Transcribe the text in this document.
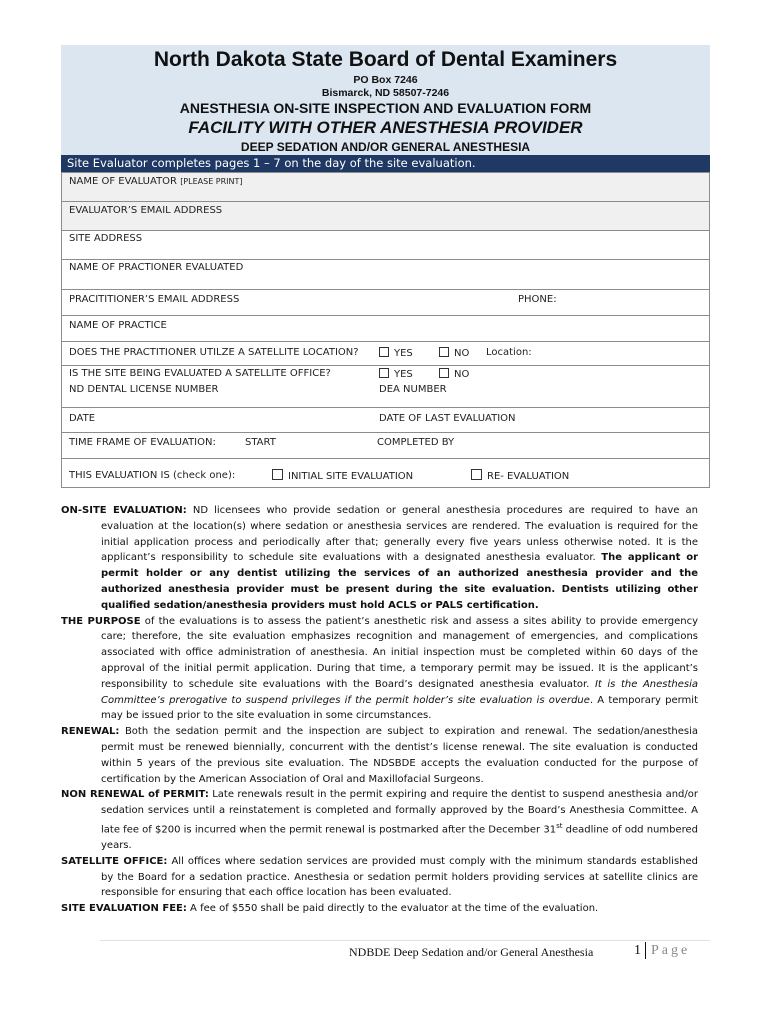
North Dakota State Board of Dental Examiners
PO Box 7246
Bismarck, ND 58507-7246
ANESTHESIA ON-SITE INSPECTION AND EVALUATION FORM
FACILITY WITH OTHER ANESTHESIA PROVIDER
DEEP SEDATION AND/OR GENERAL ANESTHESIA
Site Evaluator completes pages 1 – 7 on the day of the site evaluation.
NAME OF EVALUATOR [PLEASE PRINT]
EVALUATOR’S EMAIL ADDRESS
SITE ADDRESS
NAME OF PRACTIONER EVALUATED
PRACITITIONER’S EMAIL ADDRESS	PHONE:
NAME OF PRACTICE
DOES THE PRACTITIONER UTILZE A SATELLITE LOCATION?	YES	NO Location:
IS THE SITE BEING EVALUATED A SATELLITE OFFICE?	YES	NO
ND DENTAL LICENSE NUMBER	DEA NUMBER
DATE	DATE OF LAST EVALUATION
TIME FRAME OF EVALUATION:	START	COMPLETED BY
THIS EVALUATION IS (check one):	INITIAL SITE EVALUATION	RE- EVALUATION

ON-SITE EVALUATION: ND licensees who provide sedation or general anesthesia procedures are required to have an evaluation at the location(s) where sedation or anesthesia services are rendered. The evaluation is required for the initial application process and periodically after that; generally every five years unless otherwise noted. It is the applicant’s responsibility to schedule site evaluations with a designated anesthesia evaluator. The applicant or permit holder or any dentist utilizing the services of an authorized anesthesia provider and the authorized anesthesia provider must be present during the site evaluation. Dentists utilizing other qualified sedation/anesthesia providers must hold ACLS or PALS certification.

THE PURPOSE of the evaluations is to assess the patient’s anesthetic risk and assess a sites ability to provide emergency care; therefore, the site evaluation emphasizes recognition and management of emergencies, and complications associated with office administration of anesthesia. An initial inspection must be completed within 60 days of the approval of the initial permit application. During that time, a temporary permit may be issued. It is the applicant’s responsibility to schedule site evaluations with the Board’s designated anesthesia evaluator. It is the Anesthesia Committee’s prerogative to suspend privileges if the permit holder’s site evaluation is overdue. A temporary permit may be issued prior to the site evaluation in some circumstances.

RENEWAL: Both the sedation permit and the inspection are subject to expiration and renewal. The sedation/anesthesia permit must be renewed biennially, concurrent with the dentist’s license renewal. The site evaluation is conducted within 5 years of the previous site evaluation. The NDSBDE accepts the evaluation conducted for the purpose of certification by the American Association of Oral and Maxillofacial Surgeons.

NON RENEWAL of PERMIT: Late renewals result in the permit expiring and require the dentist to suspend anesthesia and/or sedation services until a reinstatement is completed and formally approved by the Board’s Anesthesia Committee. A late fee of $200 is incurred when the permit renewal is postmarked after the December 31st deadline of odd numbered years.

SATELLITE OFFICE: All offices where sedation services are provided must comply with the minimum standards established by the Board for a sedation practice. Anesthesia or sedation permit holders providing services at satellite clinics are responsible for ensuring that each office location has been evaluated.

SITE EVALUATION FEE: A fee of $550 shall be paid directly to the evaluator at the time of the evaluation.

NDBDE Deep Sedation and/or General Anesthesia	1 Page
